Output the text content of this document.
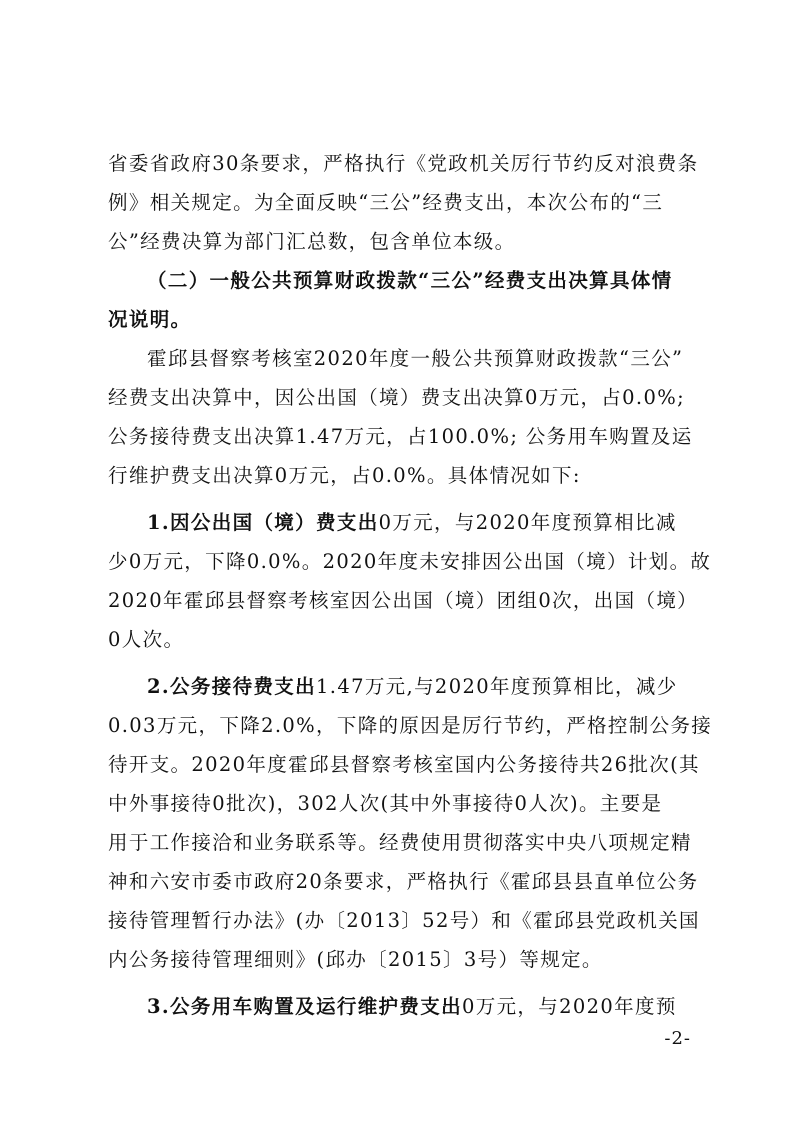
省委省政府30条要求，严格执行《党政机关厉行节约反对浪费条
例》相关规定。为全面反映“三公”经费支出，本次公布的“三
公”经费决算为部门汇总数，包含单位本级。
（二）一般公共预算财政拨款“三公”经费支出决算具体情
况说明。
霍邱县督察考核室2020年度一般公共预算财政拨款“三公”
经费支出决算中，因公出国（境）费支出决算0万元，占0.0%;
公务接待费支出决算1.47万元，占100.0%; 公务用车购置及运
行维护费支出决算0万元，占0.0%。具体情况如下:
1.因公出国（境）费支出0万元，与2020年度预算相比减
少0万元，下降0.0%。2020年度未安排因公出国（境）计划。故
2020年霍邱县督察考核室因公出国（境）团组0次，出国（境）
0人次。
2.公务接待费支出1.47万元,与2020年度预算相比，减少
0.03万元，下降2.0%，下降的原因是厉行节约，严格控制公务接
待开支。2020年度霍邱县督察考核室国内公务接待共26批次(其
中外事接待0批次)，302人次(其中外事接待0人次)。主要是
用于工作接洽和业务联系等。经费使用贯彻落实中央八项规定精
神和六安市委市政府20条要求，严格执行《霍邱县县直单位公务
接待管理暂行办法》(办〔2013〕52号）和《霍邱县党政机关国
内公务接待管理细则》(邱办〔2015〕3号）等规定。
3.公务用车购置及运行维护费支出0万元，与2020年度预
-2-
